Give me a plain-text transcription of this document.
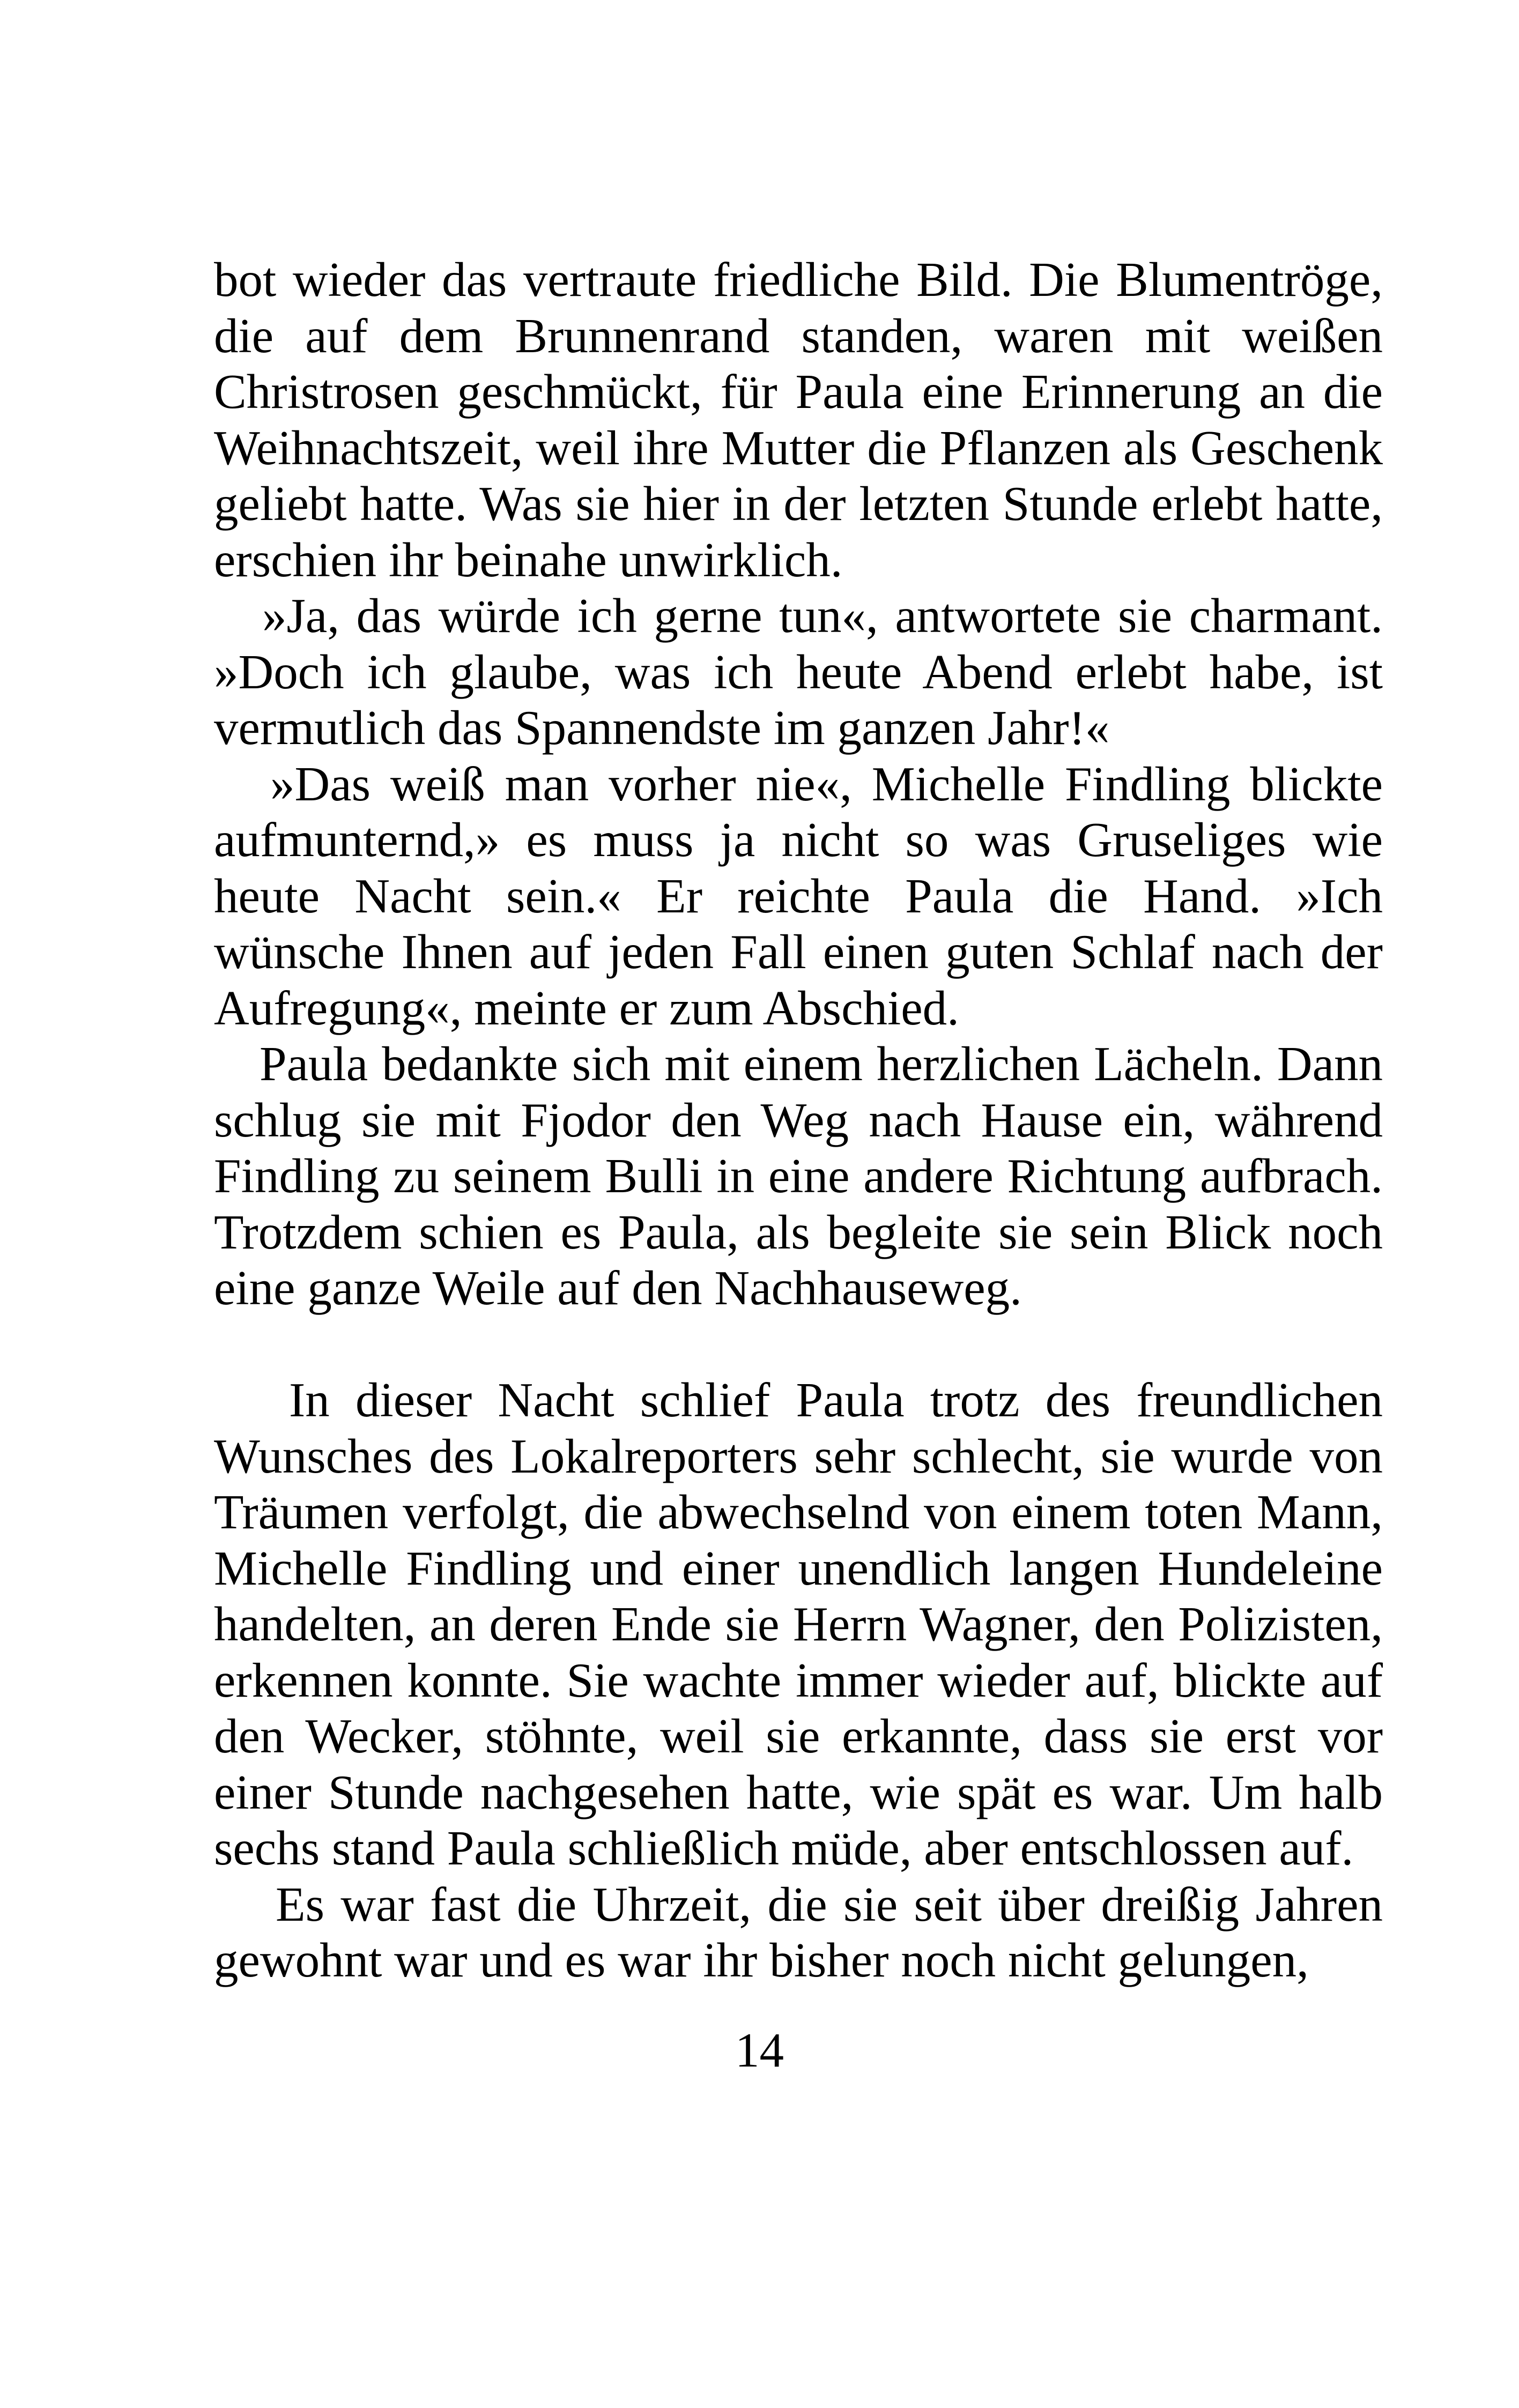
bot wieder das vertraute friedliche Bild. Die Blumentröge, die auf dem Brunnenrand standen, waren mit weißen Christrosen geschmückt, für Paula eine Erinnerung an die Weihnachtszeit, weil ihre Mutter die Pflanzen als Geschenk geliebt hatte. Was sie hier in der letzten Stunde erlebt hatte, erschien ihr beinahe unwirklich.

»Ja, das würde ich gerne tun«, antwortete sie charmant. »Doch ich glaube, was ich heute Abend erlebt habe, ist vermutlich das Spannendste im ganzen Jahr!«

»Das weiß man vorher nie«, Michelle Findling blickte aufmunternd,» es muss ja nicht so was Gruseliges wie heute Nacht sein.« Er reichte Paula die Hand. »Ich wünsche Ihnen auf jeden Fall einen guten Schlaf nach der Aufregung«, meinte er zum Abschied.

Paula bedankte sich mit einem herzlichen Lächeln. Dann schlug sie mit Fjodor den Weg nach Hause ein, während Findling zu seinem Bulli in eine andere Richtung aufbrach. Trotzdem schien es Paula, als begleite sie sein Blick noch eine ganze Weile auf den Nachhauseweg.

In dieser Nacht schlief Paula trotz des freundlichen Wunsches des Lokalreporters sehr schlecht, sie wurde von Träumen verfolgt, die abwechselnd von einem toten Mann, Michelle Findling und einer unendlich langen Hundeleine handelten, an deren Ende sie Herrn Wagner, den Polizisten, erkennen konnte. Sie wachte immer wieder auf, blickte auf den Wecker, stöhnte, weil sie erkannte, dass sie erst vor einer Stunde nachgesehen hatte, wie spät es war. Um halb sechs stand Paula schließlich müde, aber entschlossen auf.

Es war fast die Uhrzeit, die sie seit über dreißig Jahren gewohnt war und es war ihr bisher noch nicht gelungen,

14
